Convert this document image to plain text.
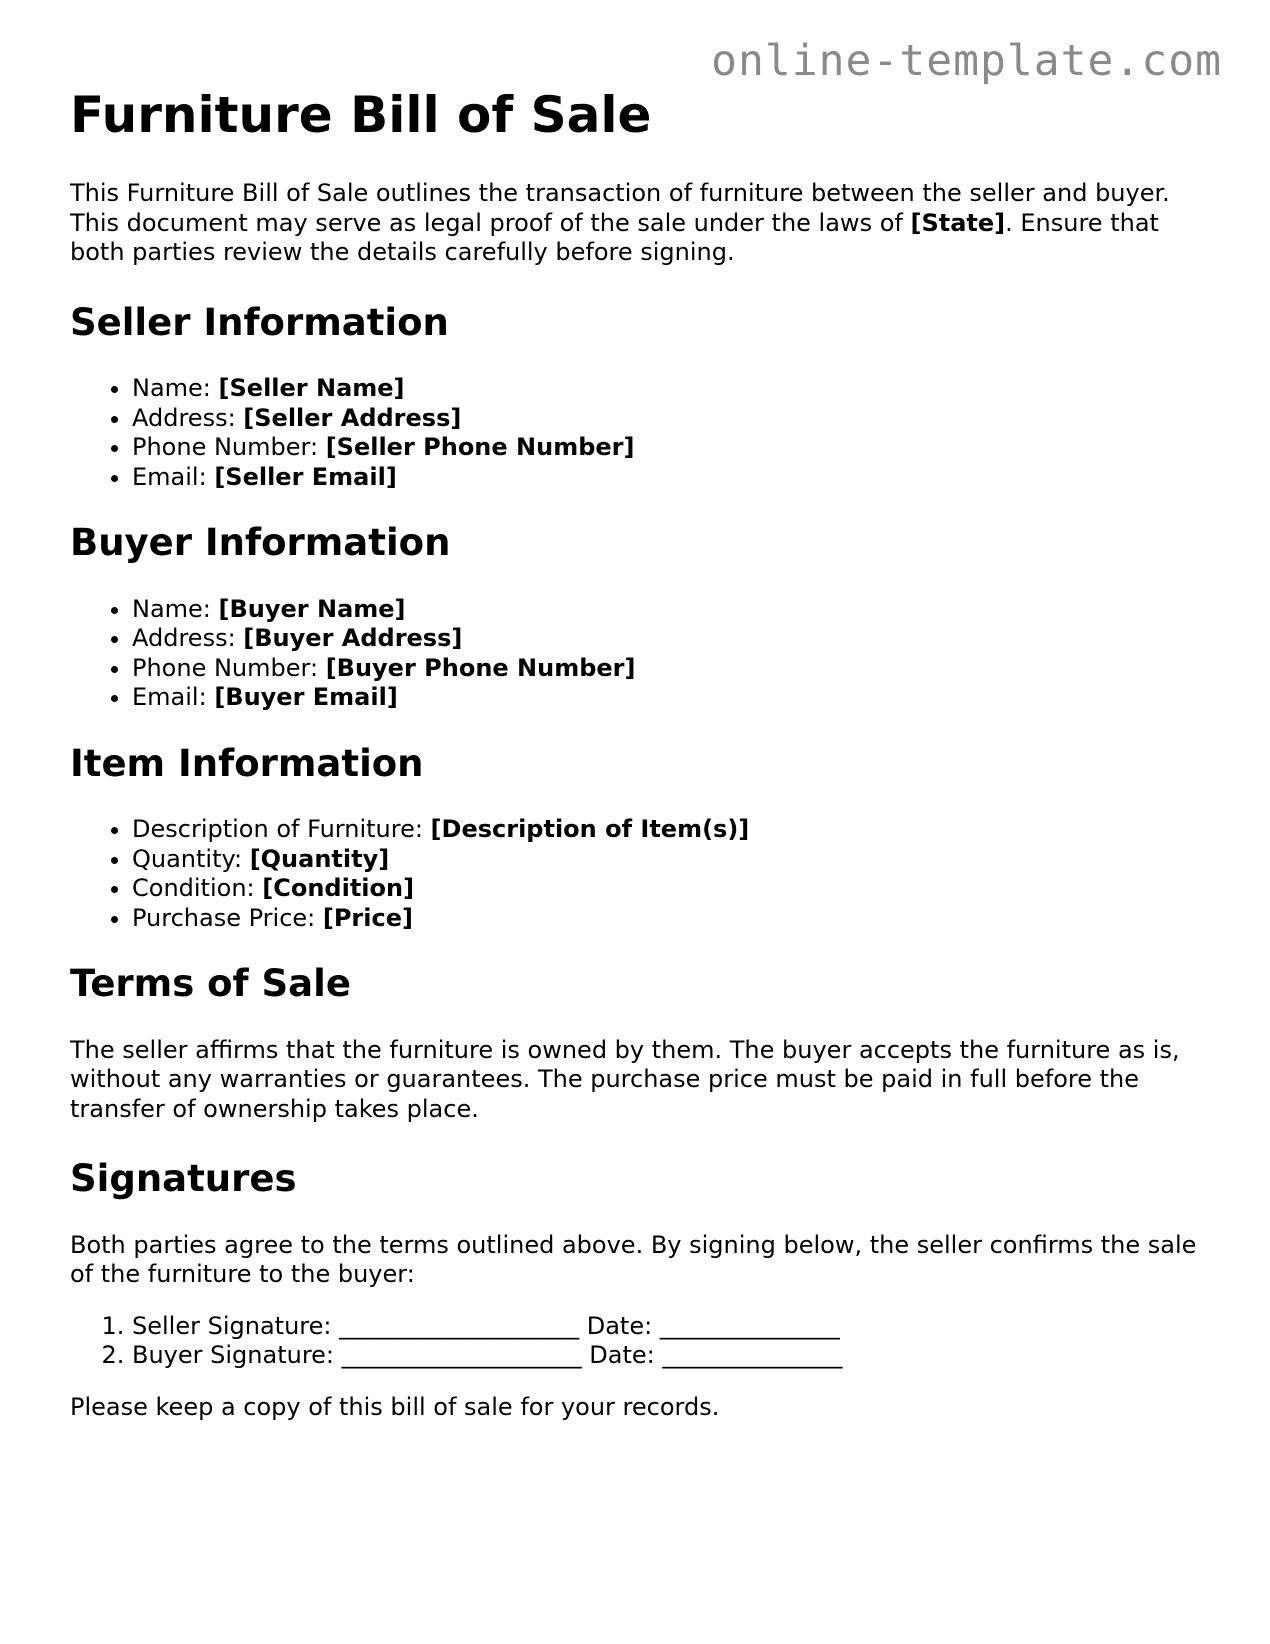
online-template.com
Furniture Bill of Sale

This Furniture Bill of Sale outlines the transaction of furniture between the seller and buyer. This document may serve as legal proof of the sale under the laws of [State]. Ensure that both parties review the details carefully before signing.

Seller Information
• Name: [Seller Name]
• Address: [Seller Address]
• Phone Number: [Seller Phone Number]
• Email: [Seller Email]
Buyer Information
• Name: [Buyer Name]
• Address: [Buyer Address]
• Phone Number: [Buyer Phone Number]
• Email: [Buyer Email]
Item Information
• Description of Furniture: [Description of Item(s)]
• Quantity: [Quantity]
• Condition: [Condition]
• Purchase Price: [Price]
Terms of Sale

The seller affirms that the furniture is owned by them. The buyer accepts the furniture as is, without any warranties or guarantees. The purchase price must be paid in full before the transfer of ownership takes place.

Signatures

Both parties agree to the terms outlined above. By signing below, the seller confirms the sale of the furniture to the buyer:

1. Seller Signature: ____________________ Date: _______________
2. Buyer Signature: ____________________ Date: _______________

Please keep a copy of this bill of sale for your records.
